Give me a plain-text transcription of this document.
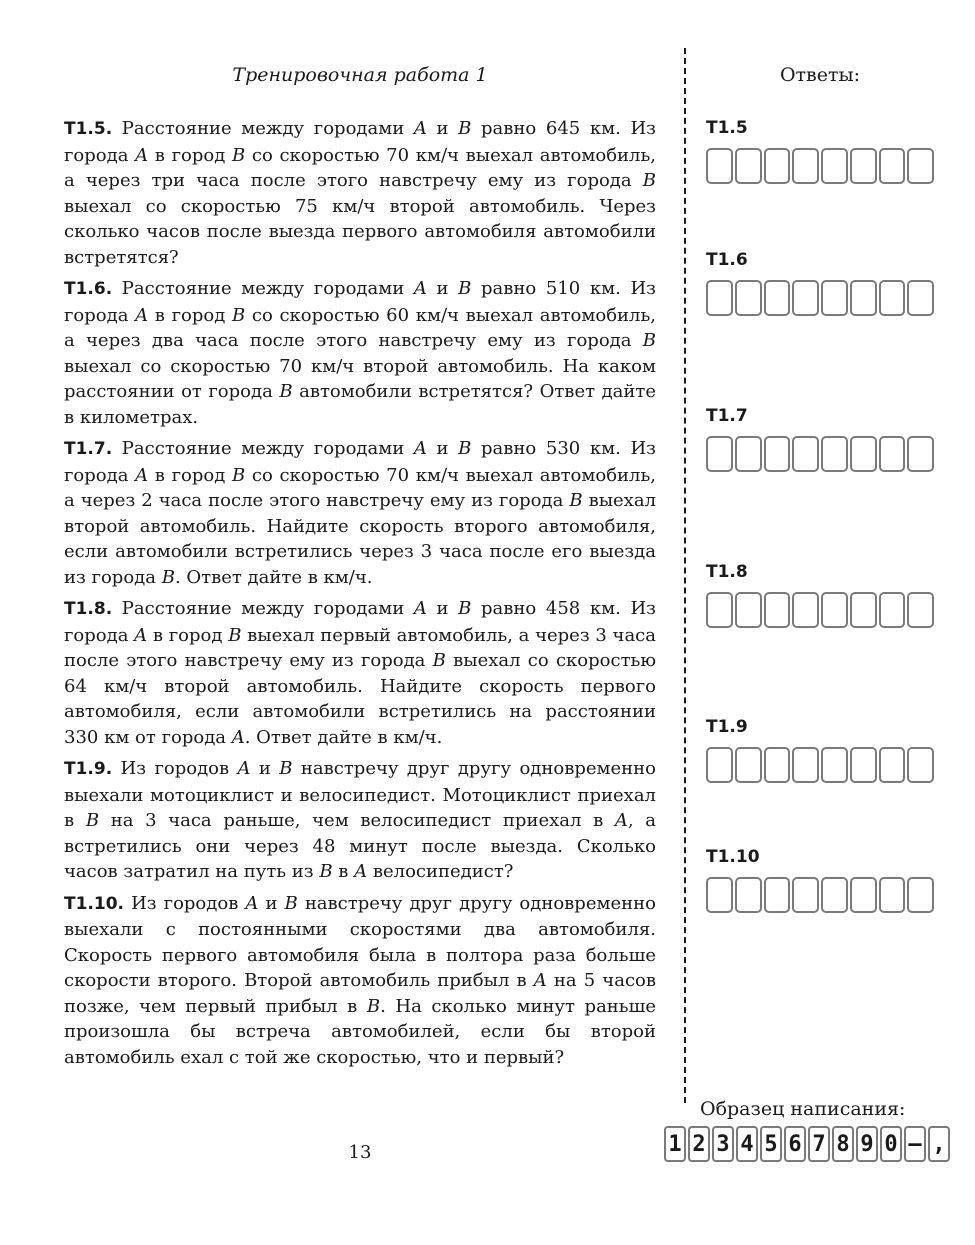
Тренировочная работа 1	Ответы:

Т1.5. Расстояние между городами A и B равно 645 км. Из города A в город B со скоростью 70 км/ч выехал автомобиль, а через три часа после этого навстречу ему из города B выехал со скоростью 75 км/ч второй автомобиль. Через сколько часов после выезда первого автомобиля автомобили встретятся?

Т1.6. Расстояние между городами A и B равно 510 км. Из города A в город B со скоростью 60 км/ч выехал автомобиль, а через два часа после этого навстречу ему из города B выехал со скоростью 70 км/ч второй автомобиль. На каком расстоянии от города B автомобили встретятся? Ответ дайте в километрах.

Т1.7. Расстояние между городами A и B равно 530 км. Из города A в город B со скоростью 70 км/ч выехал автомобиль, а через 2 часа после этого навстречу ему из города B выехал второй автомобиль. Найдите скорость второго автомобиля, если автомобили встретились через 3 часа после его выезда из города B. Ответ дайте в км/ч.

Т1.8. Расстояние между городами A и B равно 458 км. Из города A в город B выехал первый автомобиль, а через 3 часа после этого навстречу ему из города B выехал со скоростью 64 км/ч второй автомобиль. Найдите скорость первого автомобиля, если автомобили встретились на расстоянии 330 км от города A. Ответ дайте в км/ч.

Т1.9. Из городов A и B навстречу друг другу одновременно выехали мотоциклист и велосипедист. Мотоциклист приехал в B на 3 часа раньше, чем велосипедист приехал в A, а встретились они через 48 минут после выезда. Сколько часов затратил на путь из B в A велосипедист?

Т1.10. Из городов A и B навстречу друг другу одновременно выехали с постоянными скоростями два автомобиля. Скорость первого автомобиля была в полтора раза больше скорости второго. Второй автомобиль прибыл в A на 5 часов позже, чем первый прибыл в B. На сколько минут раньше произошла бы встреча автомобилей, если бы второй автомобиль ехал с той же скоростью, что и первый?

Т1.5
Т1.6
Т1.7
Т1.8
Т1.9
Т1.10
Образец написания:
1 2 3 4 5 6 7 8 9 0 – ,
13
